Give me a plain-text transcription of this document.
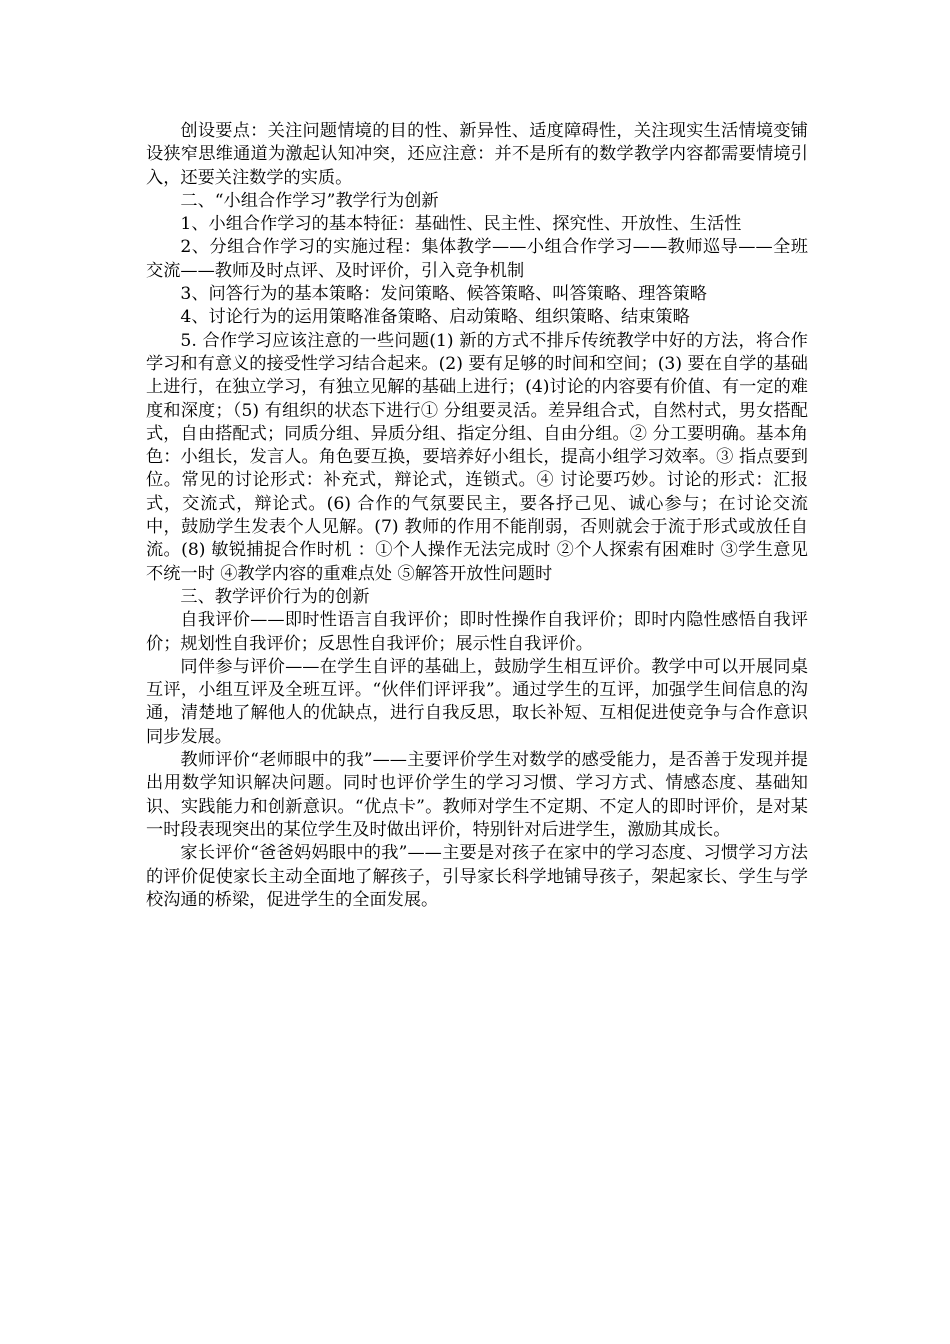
创设要点：关注问题情境的目的性、新异性、适度障碍性，关注现实生活情境变铺设狭窄思维通道为激起认知冲突，还应注意：并不是所有的数学教学内容都需要情境引入，还要关注数学的实质。

二、“小组合作学习”教学行为创新

1、小组合作学习的基本特征：基础性、民主性、探究性、开放性、生活性

2、分组合作学习的实施过程：集体教学——小组合作学习——教师巡导——全班交流——教师及时点评、及时评价，引入竞争机制

3、问答行为的基本策略：发问策略、候答策略、叫答策略、理答策略

4、讨论行为的运用策略准备策略、启动策略、组织策略、结束策略

5. 合作学习应该注意的一些问题(1) 新的方式不排斥传统教学中好的方法，将合作学习和有意义的接受性学习结合起来。(2) 要有足够的时间和空间；(3) 要在自学的基础上进行，在独立学习，有独立见解的基础上进行；(4)讨论的内容要有价值、有一定的难度和深度；（5) 有组织的状态下进行① 分组要灵活。差异组合式，自然村式，男女搭配式，自由搭配式；同质分组、异质分组、指定分组、自由分组。② 分工要明确。基本角色：小组长，发言人。角色要互换，要培养好小组长，提高小组学习效率。③ 指点要到位。常见的讨论形式：补充式，辩论式，连锁式。④ 讨论要巧妙。讨论的形式：汇报式，交流式，辩论式。(6) 合作的气氛要民主，要各抒己见、诚心参与；在讨论交流中，鼓励学生发表个人见解。(7) 教师的作用不能削弱，否则就会于流于形式或放任自流。(8) 敏锐捕捉合作时机 ：①个人操作无法完成时 ②个人探索有困难时 ③学生意见不统一时 ④教学内容的重难点处 ⑤解答开放性问题时

三、教学评价行为的创新

自我评价——即时性语言自我评价；即时性操作自我评价；即时内隐性感悟自我评价；规划性自我评价；反思性自我评价；展示性自我评价。

同伴参与评价——在学生自评的基础上，鼓励学生相互评价。教学中可以开展同桌互评，小组互评及全班互评。“伙伴们评评我”。通过学生的互评，加强学生间信息的沟通，清楚地了解他人的优缺点，进行自我反思，取长补短、互相促进使竞争与合作意识同步发展。

教师评价“老师眼中的我”——主要评价学生对数学的感受能力，是否善于发现并提出用数学知识解决问题。同时也评价学生的学习习惯、学习方式、情感态度、基础知识、实践能力和创新意识。“优点卡”。教师对学生不定期、不定人的即时评价，是对某一时段表现突出的某位学生及时做出评价，特别针对后进学生，激励其成长。

家长评价“爸爸妈妈眼中的我”——主要是对孩子在家中的学习态度、习惯学习方法的评价促使家长主动全面地了解孩子，引导家长科学地铺导孩子，架起家长、学生与学校沟通的桥梁，促进学生的全面发展。
